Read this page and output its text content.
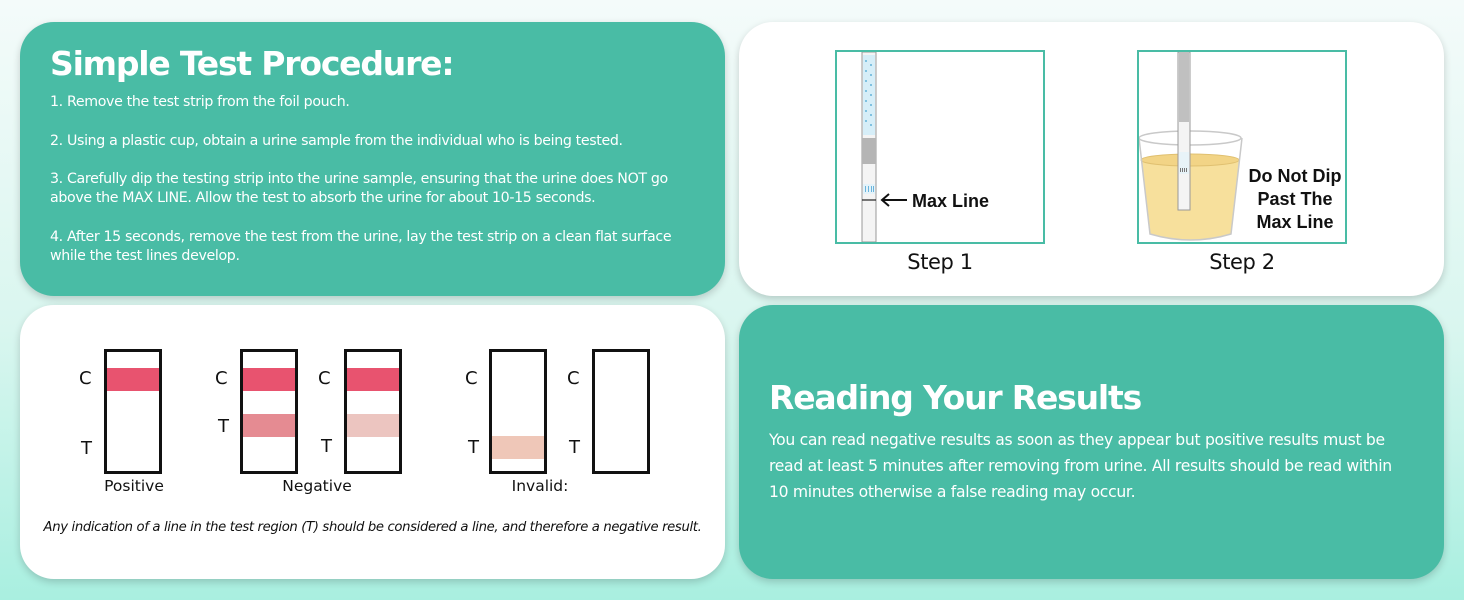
Simple Test Procedure:

1. Remove the test strip from the foil pouch.

2. Using a plastic cup, obtain a urine sample from the individual who is being tested.

3. Carefully dip the testing strip into the urine sample, ensuring that the urine does NOT go above the MAX LINE. Allow the test to absorb the urine for about 10-15 seconds.

4. After 15 seconds, remove the test from the urine, lay the test strip on a clean flat surface while the test lines develop.

Max Line
Step 1
Do Not Dip
Past The
Max Line
Step 2
C
T
Positive
C
T
C
T
Negative
C
T
C
T
Invalid:
Any indication of a line in the test region (T) should be considered a line, and therefore a negative result.
Reading Your Results

You can read negative results as soon as they appear but positive results must be read at least 5 minutes after removing from urine. All results should be read within 10 minutes otherwise a false reading may occur.
